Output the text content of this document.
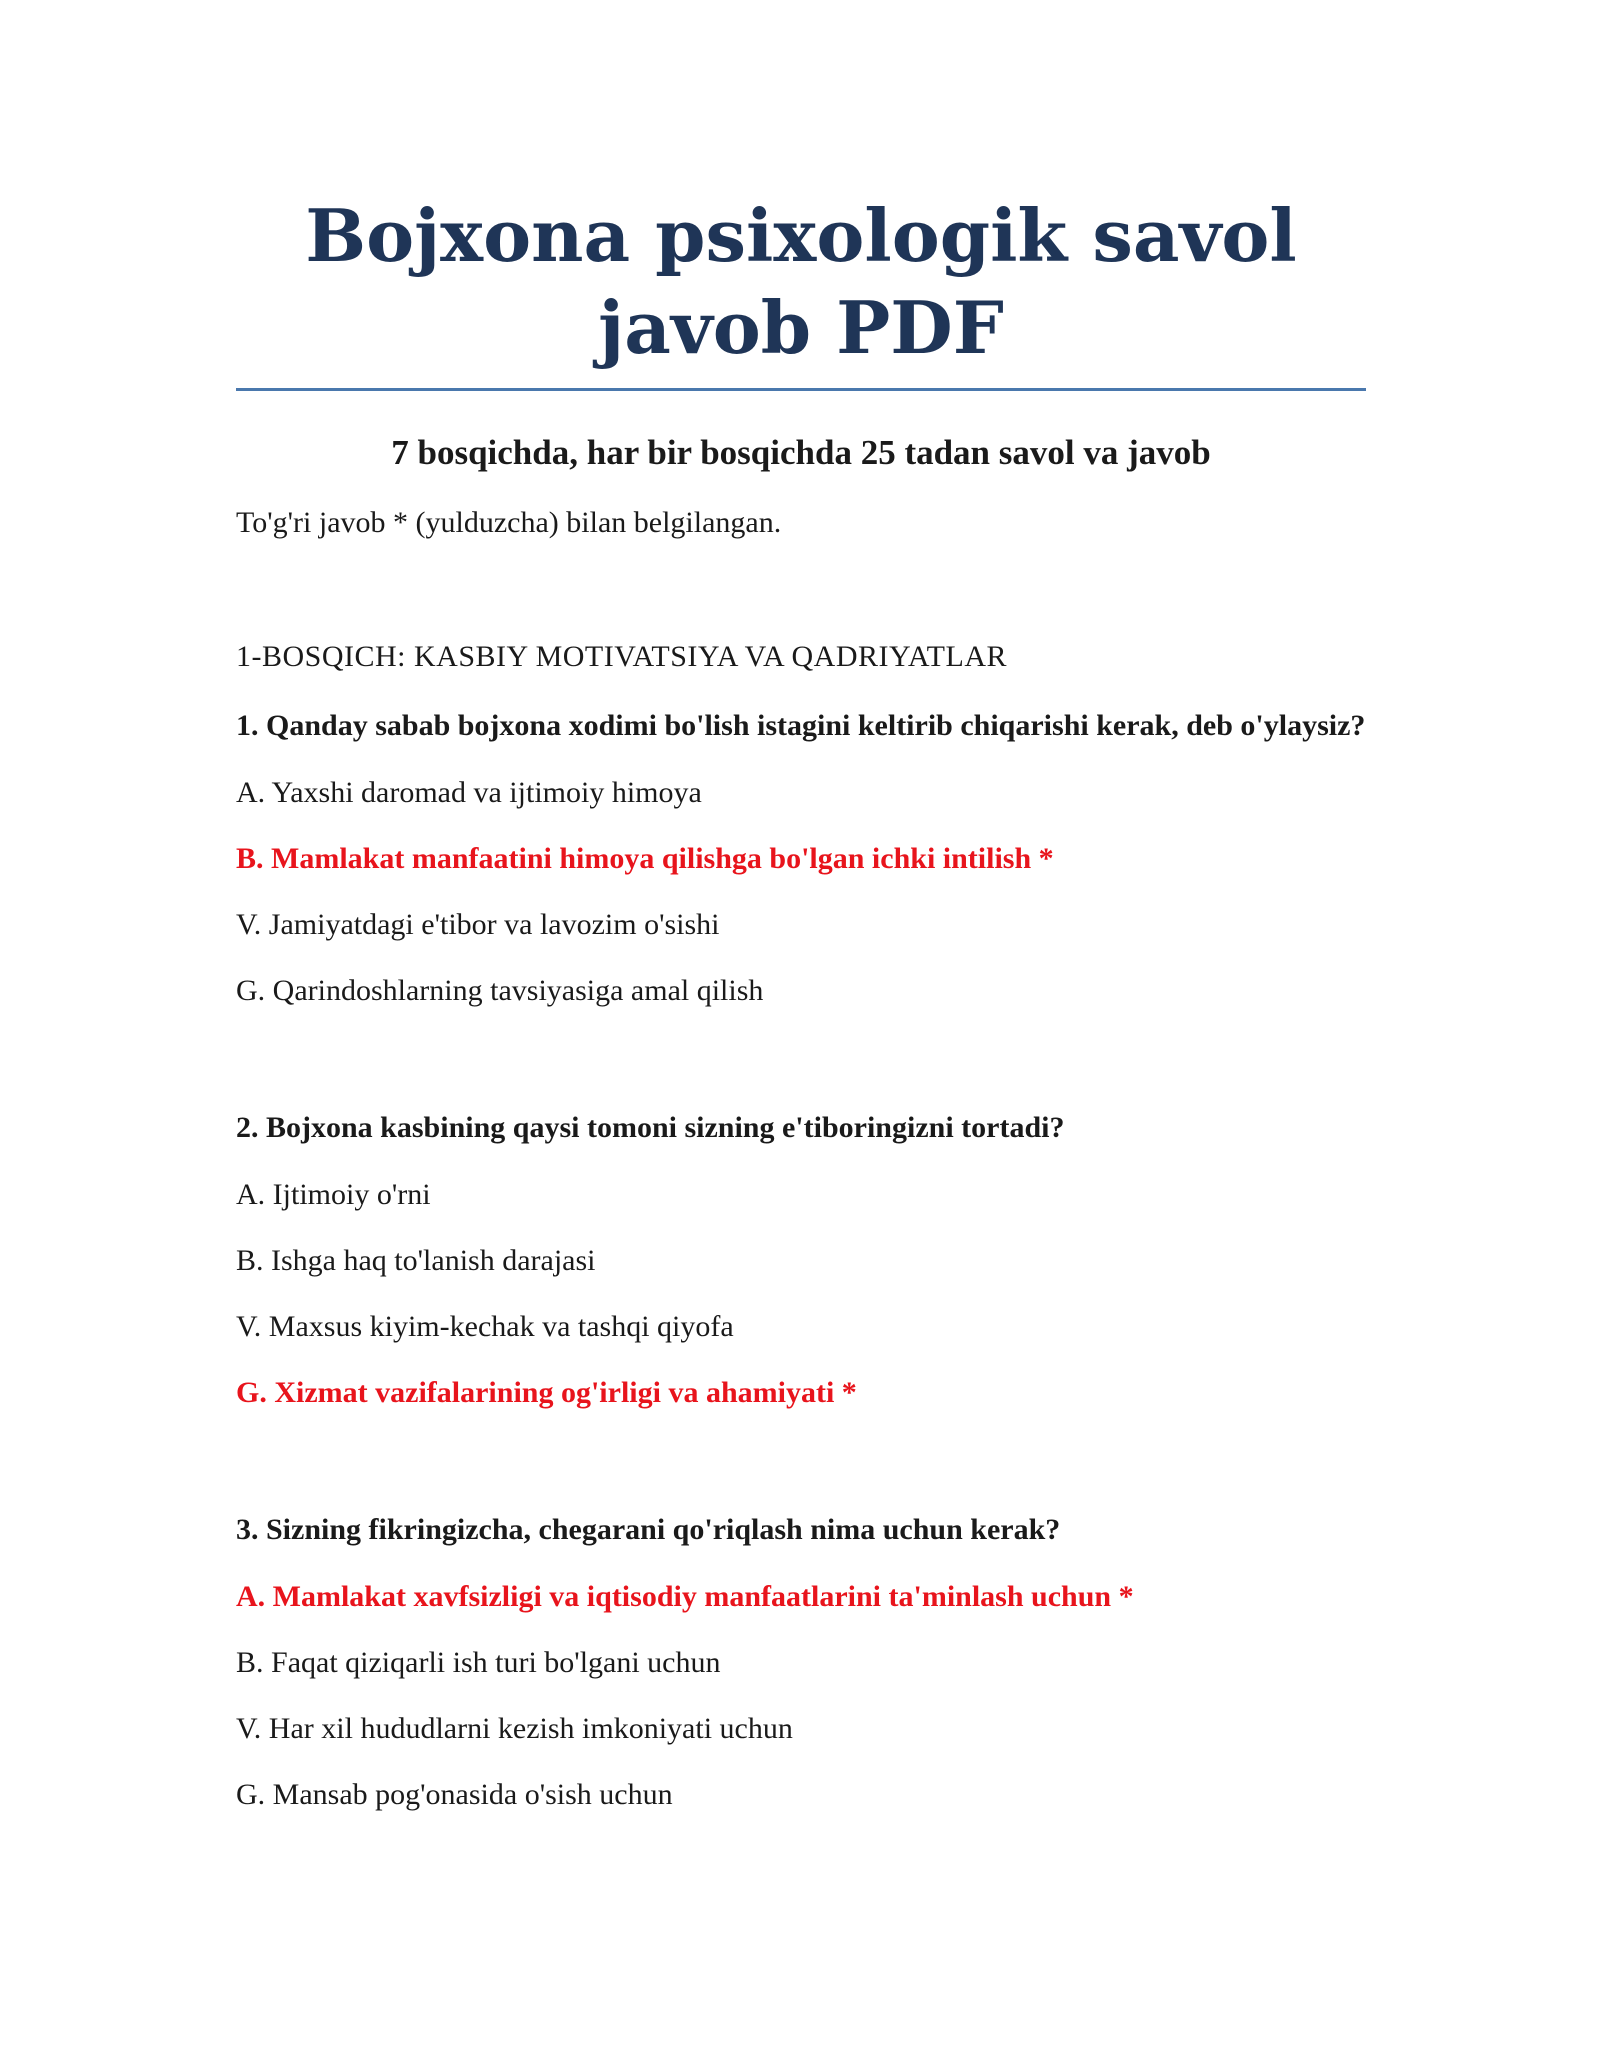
Bojxona psixologik savol javob PDF

7 bosqichda, har bir bosqichda 25 tadan savol va javob

To'g'ri javob * (yulduzcha) bilan belgilangan.

1-BOSQICH: KASBIY MOTIVATSIYA VA QADRIYATLAR

1. Qanday sabab bojxona xodimi bo'lish istagini keltirib chiqarishi kerak, deb o'ylaysiz?

A. Yaxshi daromad va ijtimoiy himoya

B. Mamlakat manfaatini himoya qilishga bo'lgan ichki intilish *

V. Jamiyatdagi e'tibor va lavozim o'sishi

G. Qarindoshlarning tavsiyasiga amal qilish

2. Bojxona kasbining qaysi tomoni sizning e'tiboringizni tortadi?

A. Ijtimoiy o'rni

B. Ishga haq to'lanish darajasi

V. Maxsus kiyim-kechak va tashqi qiyofa

G. Xizmat vazifalarining og'irligi va ahamiyati *

3. Sizning fikringizcha, chegarani qo'riqlash nima uchun kerak?

A. Mamlakat xavfsizligi va iqtisodiy manfaatlarini ta'minlash uchun *

B. Faqat qiziqarli ish turi bo'lgani uchun

V. Har xil hududlarni kezish imkoniyati uchun

G. Mansab pog'onasida o'sish uchun
